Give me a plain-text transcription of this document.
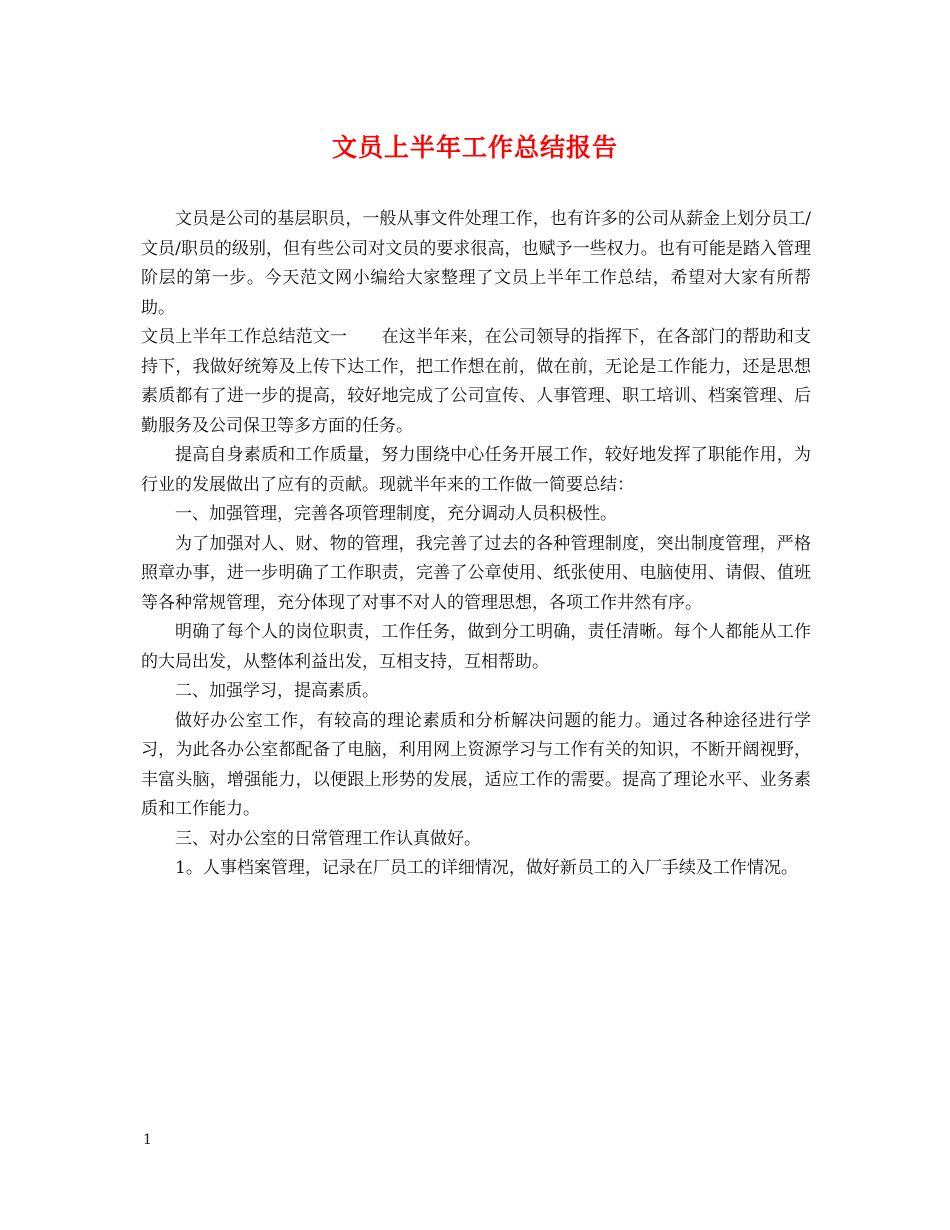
文员上半年工作总结报告

文员是公司的基层职员，一般从事文件处理工作，也有许多的公司从薪金上划分员工/文员/职员的级别，但有些公司对文员的要求很高，也赋予一些权力。也有可能是踏入管理阶层的第一步。今天范文网小编给大家整理了文员上半年工作总结，希望对大家有所帮助。

文员上半年工作总结范文一　　在这半年来，在公司领导的指挥下，在各部门的帮助和支持下，我做好统筹及上传下达工作，把工作想在前，做在前，无论是工作能力，还是思想素质都有了进一步的提高，较好地完成了公司宣传、人事管理、职工培训、档案管理、后勤服务及公司保卫等多方面的任务。

提高自身素质和工作质量，努力围绕中心任务开展工作，较好地发挥了职能作用，为行业的发展做出了应有的贡献。现就半年来的工作做一简要总结：

一、加强管理，完善各项管理制度，充分调动人员积极性。

为了加强对人、财、物的管理，我完善了过去的各种管理制度，突出制度管理，严格照章办事，进一步明确了工作职责，完善了公章使用、纸张使用、电脑使用、请假、值班等各种常规管理，充分体现了对事不对人的管理思想，各项工作井然有序。

明确了每个人的岗位职责，工作任务，做到分工明确，责任清晰。每个人都能从工作的大局出发，从整体利益出发，互相支持，互相帮助。

二、加强学习，提高素质。

做好办公室工作，有较高的理论素质和分析解决问题的能力。通过各种途径进行学习，为此各办公室都配备了电脑，利用网上资源学习与工作有关的知识，不断开阔视野，丰富头脑，增强能力，以便跟上形势的发展，适应工作的需要。提高了理论水平、业务素质和工作能力。

三、对办公室的日常管理工作认真做好。

1。人事档案管理，记录在厂员工的详细情况，做好新员工的入厂手续及工作情况。

1
